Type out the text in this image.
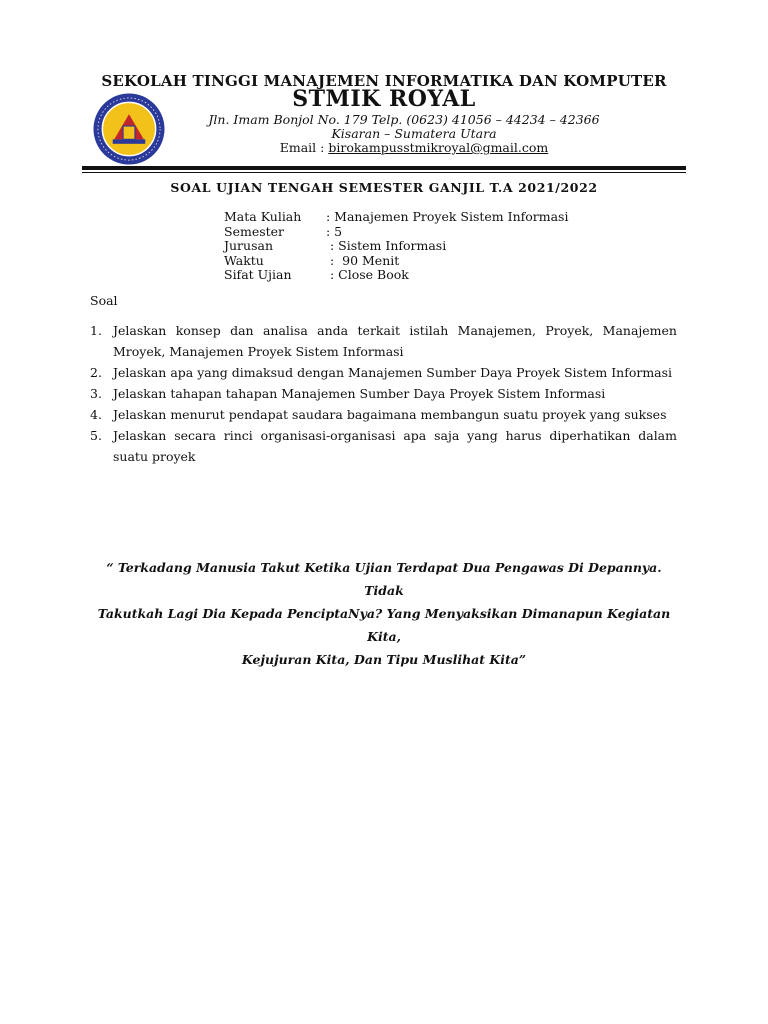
SEKOLAH TINGGI MANAJEMEN INFORMATIKA DAN KOMPUTER
STMIK ROYAL
Jln. Imam Bonjol No. 179 Telp. (0623) 41056 – 44234 – 42366
Kisaran – Sumatera Utara
Email : birokampusstmikroyal@gmail.com
SOAL UJIAN TENGAH SEMESTER GANJIL T.A 2021/2022
Mata Kuliah	: Manajemen Proyek Sistem Informasi
Semester	: 5
Jurusan	: Sistem Informasi
Waktu	:  90 Menit
Sifat Ujian	: Close Book
Soal
1. Jelaskan konsep dan analisa anda terkait istilah Manajemen, Proyek, Manajemen Mroyek, Manajemen Proyek Sistem Informasi
2. Jelaskan apa yang dimaksud dengan Manajemen Sumber Daya Proyek Sistem Informasi
3. Jelaskan tahapan tahapan Manajemen Sumber Daya Proyek Sistem Informasi
4. Jelaskan menurut pendapat saudara bagaimana membangun suatu proyek yang sukses
5. Jelaskan secara rinci organisasi-organisasi apa saja yang harus diperhatikan dalam suatu proyek
“ Terkadang Manusia Takut Ketika Ujian Terdapat Dua Pengawas Di Depannya. Tidak
Takutkah Lagi Dia Kepada PenciptaNya? Yang Menyaksikan Dimanapun Kegiatan Kita,
Kejujuran Kita, Dan Tipu Muslihat Kita”
